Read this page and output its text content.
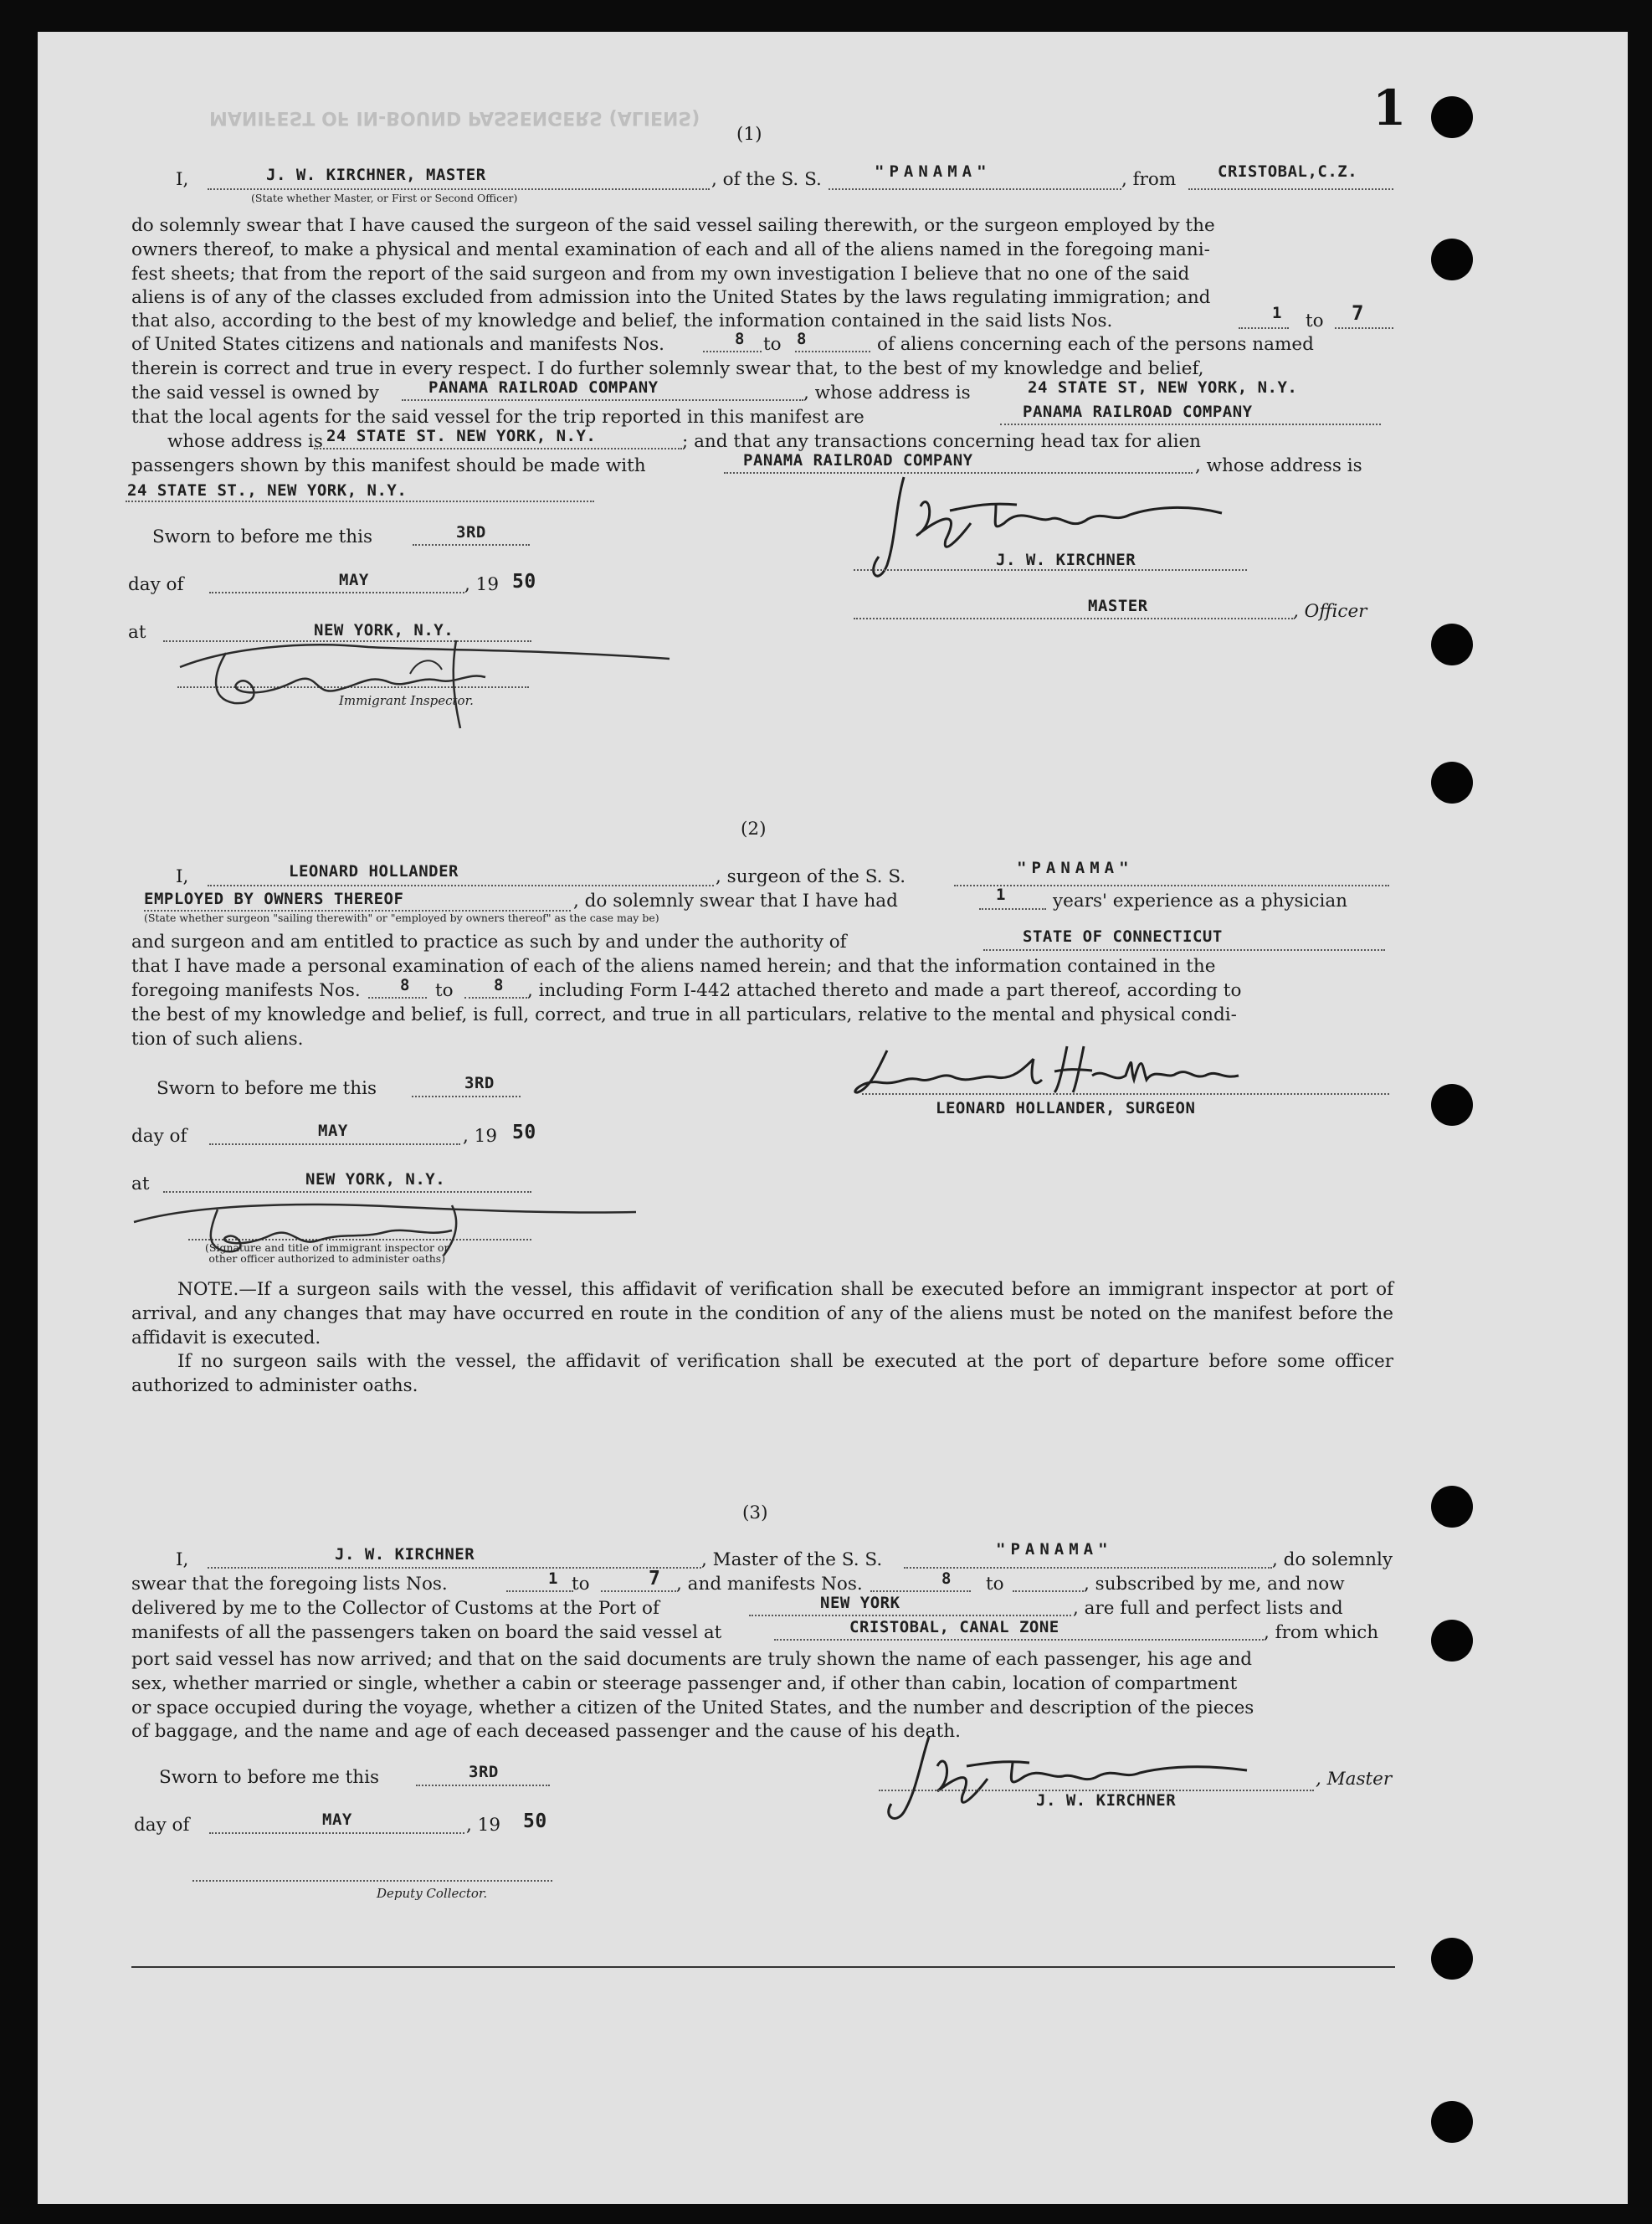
MANIFEST OF IN-BOUND PASSENGERS (ALIENS)	1
(1)
I,	J. W. KIRCHNER, MASTER
(State whether Master, or First or Second Officer)
, of the S. S.	"PANAMA"	, from	CRISTOBAL,C.Z.
do solemnly swear that I have caused the surgeon of the said vessel sailing therewith, or the surgeon employed by the
owners thereof, to make a physical and mental examination of each and all of the aliens named in the foregoing mani-
fest sheets; that from the report of the said surgeon and from my own investigation I believe that no one of the said
aliens is of any of the classes excluded from admission into the United States by the laws regulating immigration; and
that also, according to the best of my knowledge and belief, the information contained in the said lists Nos.	1 to 7
of United States citizens and nationals and manifests Nos.	8 to 8	of aliens concerning each of the persons named
therein is correct and true in every respect. I do further solemnly swear that, to the best of my knowledge and belief,
the said vessel is owned by	PANAMA RAILROAD COMPANY	, whose address is	24 STATE ST, NEW YORK, N.Y.
that the local agents for the said vessel for the trip reported in this manifest are	PANAMA RAILROAD COMPANY
whose address is 24 STATE ST. NEW YORK, N.Y.	; and that any transactions concerning head tax for alien
passengers shown by this manifest should be made with	PANAMA RAILROAD COMPANY	, whose address is
24 STATE ST., NEW YORK, N.Y.
Sworn to before me this	3RD
day of	MAY	, 19 50
at	NEW YORK, N.Y.
Immigrant Inspector.
J. W. KIRCHNER
MASTER	, Officer
(2)
I,	LEONARD HOLLANDER	, surgeon of the S. S.	"PANAMA"
EMPLOYED BY OWNERS THEREOF
(State whether surgeon "sailing therewith" or "employed by owners thereof" as the case may be)
, do solemnly swear that I have had	1	years' experience as a physician
and surgeon and am entitled to practice as such by and under the authority of	STATE OF CONNECTICUT
that I have made a personal examination of each of the aliens named herein; and that the information contained in the
foregoing manifests Nos. 8 to	8 , including Form I-442 attached thereto and made a part thereof, according to
the best of my knowledge and belief, is full, correct, and true in all particulars, relative to the mental and physical condi-
tion of such aliens.
Sworn to before me this	3RD
day of	MAY	, 19 50
at	NEW YORK, N.Y.
(Signature and title of immigrant inspector or
other officer authorized to administer oaths)
LEONARD HOLLANDER, SURGEON
NOTE.—If a surgeon sails with the vessel, this affidavit of verification shall be executed before an immigrant inspector at port of arrival, and any changes that may have occurred en route in the condition of any of the aliens must be noted on the manifest before the affidavit is executed.
If no surgeon sails with the vessel, the affidavit of verification shall be executed at the port of departure before some officer authorized to administer oaths.
(3)
I,	J. W. KIRCHNER	, Master of the S. S.	"PANAMA"	, do solemnly
swear that the foregoing lists Nos.	1 to	7 , and manifests Nos.	8 to	, subscribed by me, and now
delivered by me to the Collector of Customs at the Port of	NEW YORK	, are full and perfect lists and
manifests of all the passengers taken on board the said vessel at	CRISTOBAL, CANAL ZONE	, from which
port said vessel has now arrived; and that on the said documents are truly shown the name of each passenger, his age and
sex, whether married or single, whether a cabin or steerage passenger and, if other than cabin, location of compartment
or space occupied during the voyage, whether a citizen of the United States, and the number and description of the pieces
of baggage, and the name and age of each deceased passenger and the cause of his death.
Sworn to before me this	3RD
day of	MAY	, 19 50
Deputy Collector.
J. W. KIRCHNER
, Master
